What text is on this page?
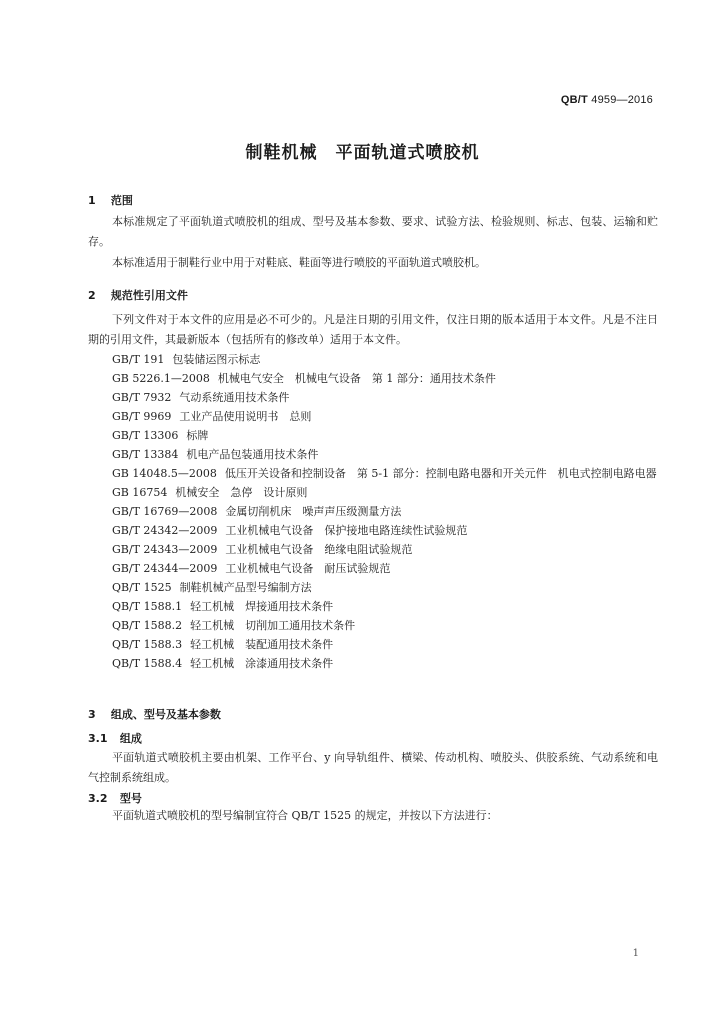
QB/T 4959—2016
制鞋机械　平面轨道式喷胶机
1 范围
本标准规定了平面轨道式喷胶机的组成、型号及基本参数、要求、试验方法、检验规则、标志、包装、运输和贮存。
本标准适用于制鞋行业中用于对鞋底、鞋面等进行喷胶的平面轨道式喷胶机。
2 规范性引用文件
下列文件对于本文件的应用是必不可少的。凡是注日期的引用文件，仅注日期的版本适用于本文件。凡是不注日期的引用文件，其最新版本（包括所有的修改单）适用于本文件。
GB/T 191 包装储运图示标志
GB 5226.1—2008 机械电气安全　机械电气设备　第 1 部分：通用技术条件
GB/T 7932 气动系统通用技术条件
GB/T 9969 工业产品使用说明书　总则
GB/T 13306 标牌
GB/T 13384 机电产品包装通用技术条件
GB 14048.5—2008 低压开关设备和控制设备　第 5-1 部分：控制电路电器和开关元件　机电式控制电路电器
GB 16754 机械安全　急停　设计原则
GB/T 16769—2008 金属切削机床　噪声声压级测量方法
GB/T 24342—2009 工业机械电气设备　保护接地电路连续性试验规范
GB/T 24343—2009 工业机械电气设备　绝缘电阻试验规范
GB/T 24344—2009 工业机械电气设备　耐压试验规范
QB/T 1525 制鞋机械产品型号编制方法
QB/T 1588.1 轻工机械　焊接通用技术条件
QB/T 1588.2 轻工机械　切削加工通用技术条件
QB/T 1588.3 轻工机械　装配通用技术条件
QB/T 1588.4 轻工机械　涂漆通用技术条件
3 组成、型号及基本参数
3.1 组成
平面轨道式喷胶机主要由机架、工作平台、y 向导轨组件、横梁、传动机构、喷胶头、供胶系统、气动系统和电气控制系统组成。
3.2 型号
平面轨道式喷胶机的型号编制宜符合 QB/T 1525 的规定，并按以下方法进行：
1
